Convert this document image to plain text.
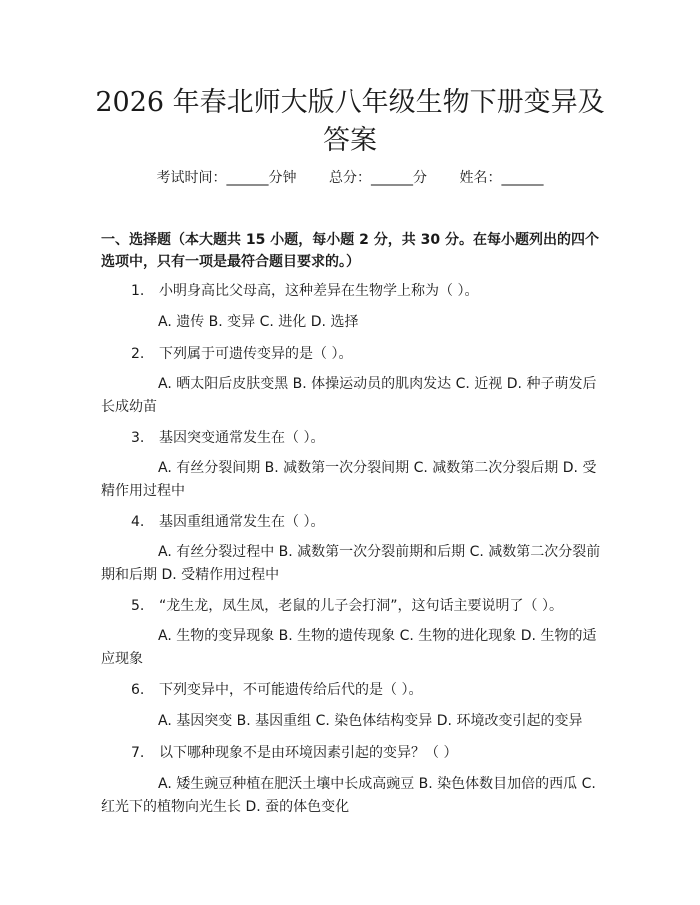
2026 年春北师大版八年级生物下册变异及答案
考试时间：______分钟 总分：______分 姓名：______
一、选择题（本大题共 15 小题，每小题 2 分，共 30 分。在每小题列出的四个选项中，只有一项是最符合题目要求的。）
1. 小明身高比父母高，这种差异在生物学上称为（ ）。
A. 遗传 B. 变异 C. 进化 D. 选择
2. 下列属于可遗传变异的是（ ）。
A. 晒太阳后皮肤变黑 B. 体操运动员的肌肉发达 C. 近视 D. 种子萌发后长成幼苗
3. 基因突变通常发生在（ ）。
A. 有丝分裂间期 B. 减数第一次分裂间期 C. 减数第二次分裂后期 D. 受精作用过程中
4. 基因重组通常发生在（ ）。
A. 有丝分裂过程中 B. 减数第一次分裂前期和后期 C. 减数第二次分裂前期和后期 D. 受精作用过程中
5. “龙生龙，凤生凤，老鼠的儿子会打洞”，这句话主要说明了（ ）。
A. 生物的变异现象 B. 生物的遗传现象 C. 生物的进化现象 D. 生物的适应现象
6. 下列变异中，不可能遗传给后代的是（ ）。
A. 基因突变 B. 基因重组 C. 染色体结构变异 D. 环境改变引起的变异
7. 以下哪种现象不是由环境因素引起的变异？（ ）
A. 矮生豌豆种植在肥沃土壤中长成高豌豆 B. 染色体数目加倍的西瓜 C. 红光下的植物向光生长 D. 蚕的体色变化
